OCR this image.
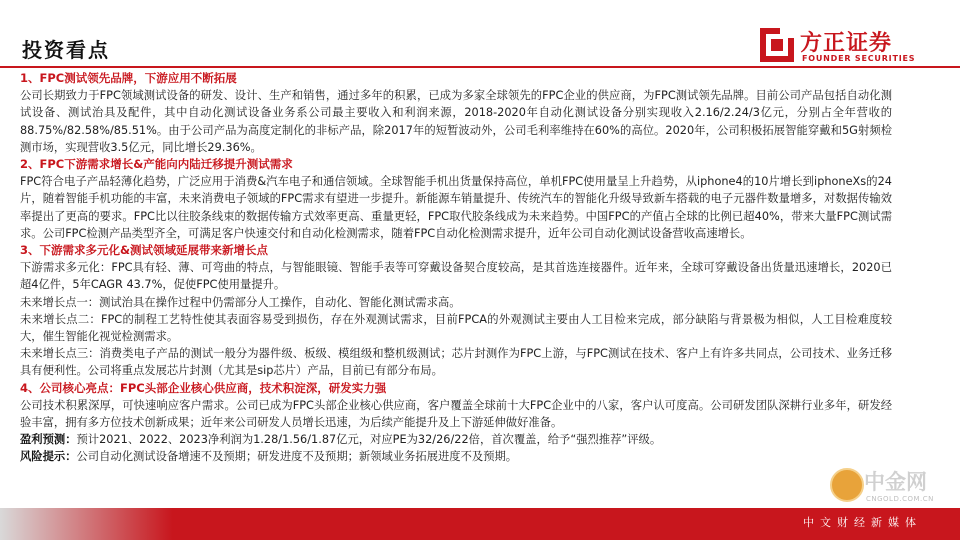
投资看点	方正证券
FOUNDER SECURITIES
1、FPC测试领先品牌，下游应用不断拓展

公司长期致力于FPC领域测试设备的研发、设计、生产和销售，通过多年的积累，已成为多家全球领先的FPC企业的供应商，为FPC测试领先品牌。目前公司产品包括自动化测试设备、测试治具及配件，其中自动化测试设备业务系公司最主要收入和利润来源，2018-2020年自动化测试设备分别实现收入2.16/2.24/3亿元，分别占全年营收的88.75%/82.58%/85.51%。由于公司产品为高度定制化的非标产品，除2017年的短暂波动外，公司毛利率维持在60%的高位。2020年，公司积极拓展智能穿戴和5G射频检测市场，实现营收3.5亿元，同比增长29.36%。

2、FPC下游需求增长&产能向内陆迁移提升测试需求

FPC符合电子产品轻薄化趋势，广泛应用于消费&汽车电子和通信领域。全球智能手机出货量保持高位，单机FPC使用量呈上升趋势，从iphone4的10片增长到iphoneXs的24片，随着智能手机功能的丰富，未来消费电子领域的FPC需求有望进一步提升。新能源车销量提升、传统汽车的智能化升级导致新车搭载的电子元器件数量增多，对数据传输效率提出了更高的要求。FPC比以往胶条线束的数据传输方式效率更高、重量更轻，FPC取代胶条线成为未来趋势。中国FPC的产值占全球的比例已超40%，带来大量FPC测试需求。公司FPC检测产品类型齐全，可满足客户快速交付和自动化检测需求，随着FPC自动化检测需求提升，近年公司自动化测试设备营收高速增长。

3、下游需求多元化&测试领域延展带来新增长点

下游需求多元化：FPC具有轻、薄、可弯曲的特点，与智能眼镜、智能手表等可穿戴设备契合度较高，是其首选连接器件。近年来，全球可穿戴设备出货量迅速增长，2020已超4亿件，5年CAGR 43.7%，促使FPC使用量提升。

未来增长点一：测试治具在操作过程中仍需部分人工操作，自动化、智能化测试需求高。

未来增长点二：FPC的制程工艺特性使其表面容易受到损伤，存在外观测试需求，目前FPCA的外观测试主要由人工目检来完成，部分缺陷与背景极为相似，人工目检难度较大，催生智能化视觉检测需求。

未来增长点三：消费类电子产品的测试一般分为器件级、板级、模组级和整机级测试；芯片封测作为FPC上游，与FPC测试在技术、客户上有许多共同点，公司技术、业务迁移具有便利性。公司将重点发展芯片封测（尤其是sip芯片）产品，目前已有部分布局。

4、公司核心亮点：FPC头部企业核心供应商，技术积淀深，研发实力强

公司技术积累深厚，可快速响应客户需求。公司已成为FPC头部企业核心供应商，客户覆盖全球前十大FPC企业中的八家，客户认可度高。公司研发团队深耕行业多年，研发经验丰富，拥有多方位技术创新成果；近年来公司研发人员增长迅速，为后续产能提升及上下游延伸做好准备。

盈利预测：预计2021、2022、2023净利润为1.28/1.56/1.87亿元，对应PE为32/26/22倍，首次覆盖，给予“强烈推荐”评级。

风险提示：公司自动化测试设备增速不及预期；研发进度不及预期；新领域业务拓展进度不及预期。

中金网
CNGOLD.COM.CN
中文财经新媒体
